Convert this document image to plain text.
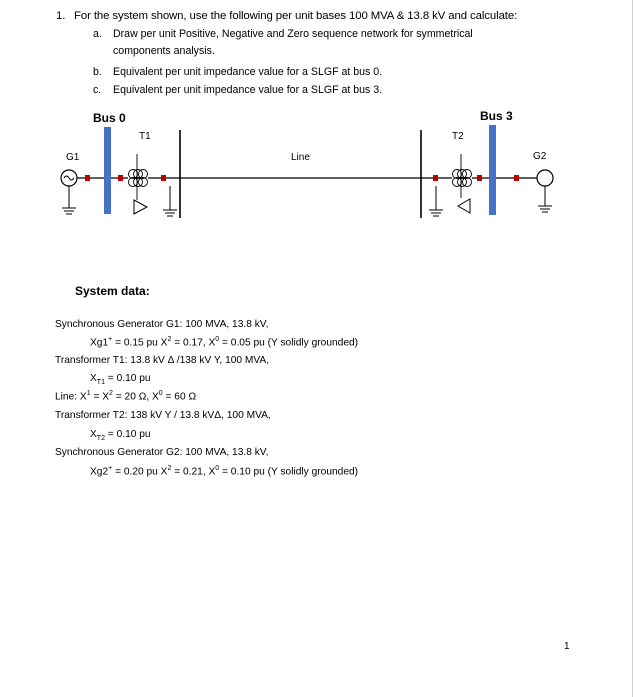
1. For the system shown, use the following per unit bases 100 MVA & 13.8 kV and calculate:
a. Draw per unit Positive, Negative and Zero sequence network for symmetrical
components analysis.
b. Equivalent per unit impedance value for a SLGF at bus 0.
c. Equivalent per unit impedance value for a SLGF at bus 3.
Bus 0	Bus 3
T1	T2
G1	G2
Line
System data:
Synchronous Generator G1: 100 MVA, 13.8 kV,
Xg1+ = 0.15 pu $X^2 = 0.17$, $X^0 = 0.05$ pu (Y solidly grounded)
Transformer T1: 13.8 kV Δ /138 kV Y, 100 MVA,
$X_{T1} = 0.10$ pu
Line: $X^1 = X^2 = 20$ Ω, $X^0 = 60$ Ω
Transformer T2: 138 kV Y / 13.8 kVΔ, 100 MVA,
$X_{T2} = 0.10$ pu
Synchronous Generator G2: 100 MVA, 13.8 kV,
Xg2+ = 0.20 pu $X^2 = 0.21$, $X^0 = 0.10$ pu (Y solidly grounded)
1
